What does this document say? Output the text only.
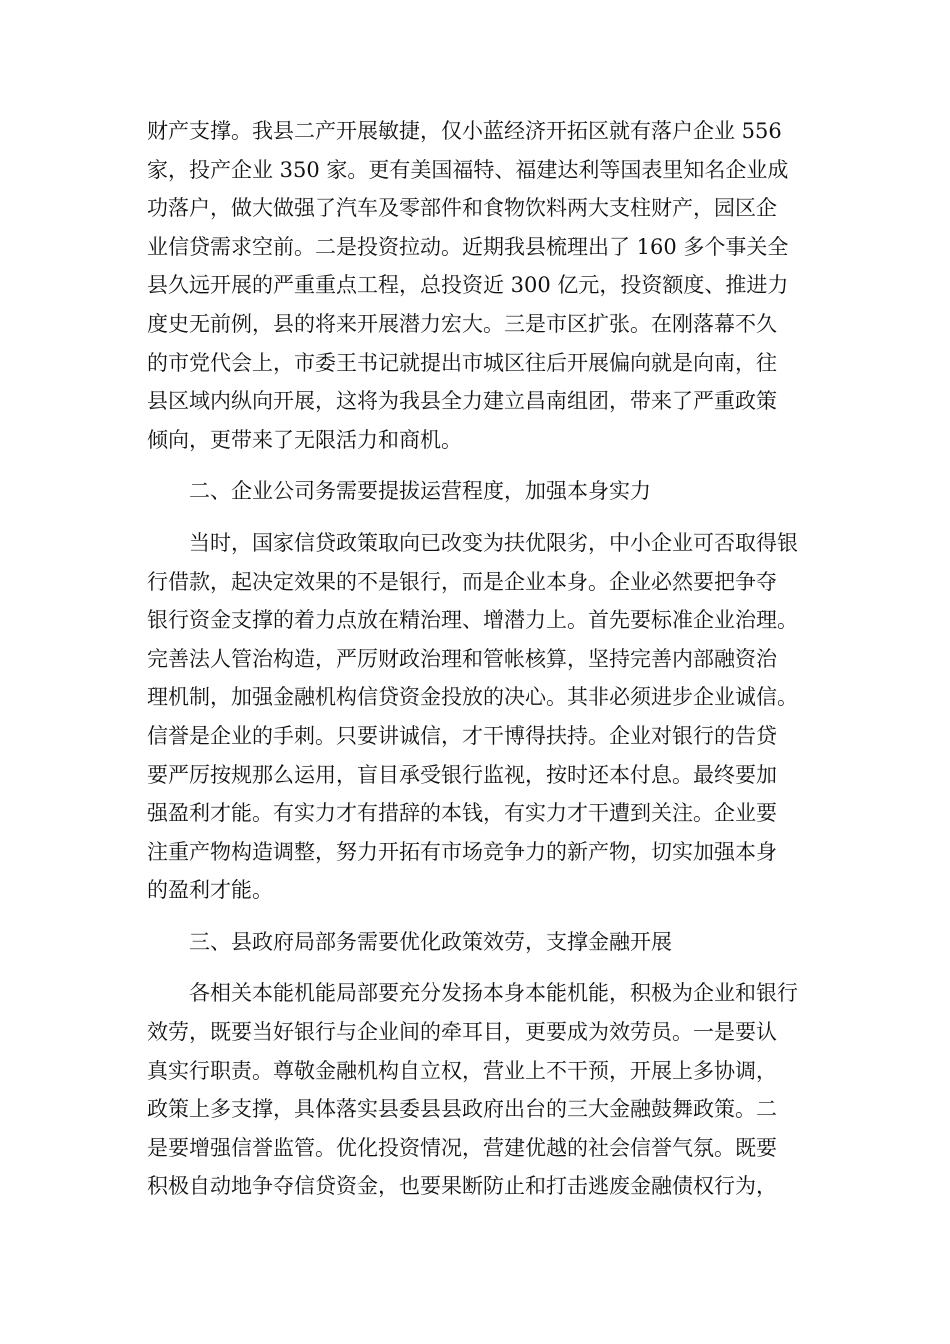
财产支撑。我县二产开展敏捷，仅小蓝经济开拓区就有落户企业 556
家，投产企业 350 家。更有美国福特、福建达利等国表里知名企业成
功落户，做大做强了汽车及零部件和食物饮料两大支柱财产，园区企
业信贷需求空前。二是投资拉动。近期我县梳理出了 160 多个事关全
县久远开展的严重重点工程，总投资近 300 亿元，投资额度、推进力
度史无前例，县的将来开展潜力宏大。三是市区扩张。在刚落幕不久
的市党代会上，市委王书记就提出市城区往后开展偏向就是向南，往
县区域内纵向开展，这将为我县全力建立昌南组团，带来了严重政策
倾向，更带来了无限活力和商机。

二、企业公司务需要提拔运营程度，加强本身实力

当时，国家信贷政策取向已改变为扶优限劣，中小企业可否取得银
行借款，起决定效果的不是银行，而是企业本身。企业必然要把争夺
银行资金支撑的着力点放在精治理、增潜力上。首先要标准企业治理。
完善法人管治构造，严厉财政治理和管帐核算，坚持完善内部融资治
理机制，加强金融机构信贷资金投放的决心。其非必须进步企业诚信。
信誉是企业的手刺。只要讲诚信，才干博得扶持。企业对银行的告贷
要严厉按规那么运用，盲目承受银行监视，按时还本付息。最终要加
强盈利才能。有实力才有措辞的本钱，有实力才干遭到关注。企业要
注重产物构造调整，努力开拓有市场竞争力的新产物，切实加强本身
的盈利才能。

三、县政府局部务需要优化政策效劳，支撑金融开展

各相关本能机能局部要充分发扬本身本能机能，积极为企业和银行
效劳，既要当好银行与企业间的牵耳目，更要成为效劳员。一是要认
真实行职责。尊敬金融机构自立权，营业上不干预，开展上多协调，
政策上多支撑，具体落实县委县县政府出台的三大金融鼓舞政策。二
是要增强信誉监管。优化投资情况，营建优越的社会信誉气氛。既要
积极自动地争夺信贷资金，也要果断防止和打击逃废金融债权行为，
